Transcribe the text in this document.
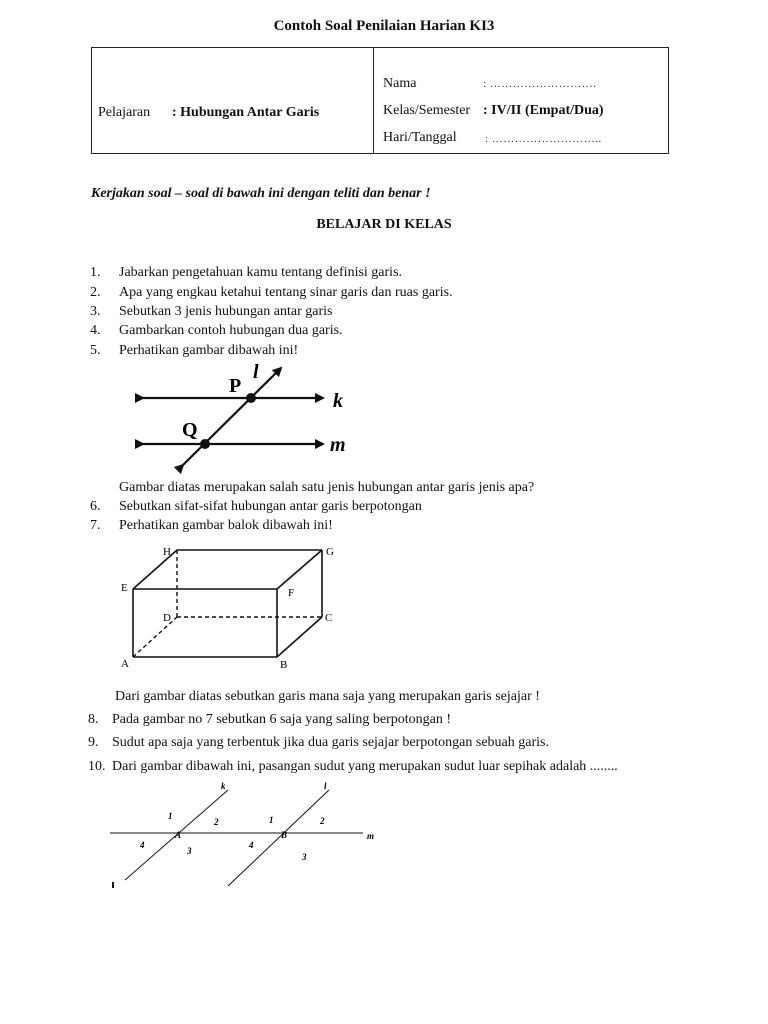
Contoh Soal Penilaian Harian KI3
Pelajaran : Hubungan Antar Garis
Nama	: ……………………….
Kelas/Semester : IV/II (Empat/Dua)
Hari/Tanggal	: ………………………..
Kerjakan soal – soal di bawah ini dengan teliti dan benar !
BELAJAR DI KELAS
1. Jabarkan pengetahuan kamu tentang definisi garis.
2. Apa yang engkau ketahui tentang sinar garis dan ruas garis.
3. Sebutkan 3 jenis hubungan antar garis
4. Gambarkan contoh hubungan dua garis.
5. Perhatikan gambar dibawah ini!
P
Q
l
k
m
Gambar diatas merupakan salah satu jenis hubungan antar garis jenis apa?
6. Sebutkan sifat-sifat hubungan antar garis berpotongan
7. Perhatikan gambar balok dibawah ini!
A	B
C
D
E	F
G
H
Dari gambar diatas sebutkan garis mana saja yang merupakan garis sejajar !
8. Pada gambar no 7 sebutkan 6 saja yang saling berpotongan !
9. Sudut apa saja yang terbentuk jika dua garis sejajar berpotongan sebuah garis.
10. Dari gambar dibawah ini, pasangan sudut yang merupakan sudut luar sepihak adalah ........
k	l
m
A	B
1
2
3
4
1	2
3
4
